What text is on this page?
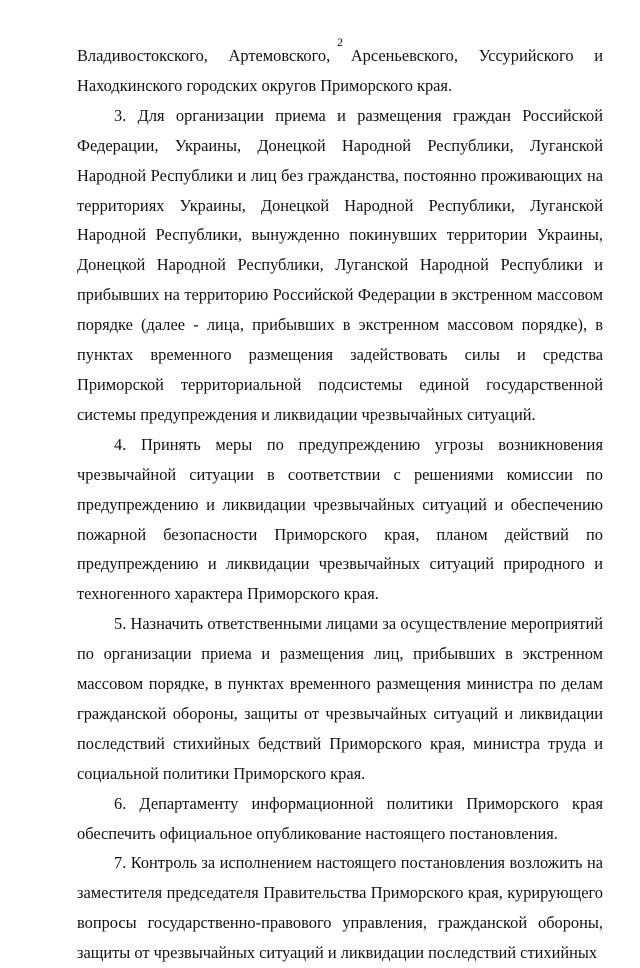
2

Владивостокского, Артемовского, Арсеньевского, Уссурийского и Находкинского городских округов Приморского края.

3. Для организации приема и размещения граждан Российской Федерации, Украины, Донецкой Народной Республики, Луганской Народной Республики и лиц без гражданства, постоянно проживающих на территориях Украины, Донецкой Народной Республики, Луганской Народной Республики, вынужденно покинувших территории Украины, Донецкой Народной Республики, Луганской Народной Республики и прибывших на территорию Российской Федерации в экстренном массовом порядке (далее - лица, прибывших в экстренном массовом порядке), в пунктах временного размещения задействовать силы и средства Приморской территориальной подсистемы единой государственной системы предупреждения и ликвидации чрезвычайных ситуаций.

4. Принять меры по предупреждению угрозы возникновения чрезвычайной ситуации в соответствии с решениями комиссии по предупреждению и ликвидации чрезвычайных ситуаций и обеспечению пожарной безопасности Приморского края, планом действий по предупреждению и ликвидации чрезвычайных ситуаций природного и техногенного характера Приморского края.

5. Назначить ответственными лицами за осуществление мероприятий по организации приема и размещения лиц, прибывших в экстренном массовом порядке, в пунктах временного размещения министра по делам гражданской обороны, защиты от чрезвычайных ситуаций и ликвидации последствий стихийных бедствий Приморского края, министра труда и социальной политики Приморского края.

6. Департаменту информационной политики Приморского края обеспечить официальное опубликование настоящего постановления.

7. Контроль за исполнением настоящего постановления возложить на заместителя председателя Правительства Приморского края, курирующего вопросы государственно-правового управления, гражданской обороны, защиты от чрезвычайных ситуаций и ликвидации последствий стихийных
